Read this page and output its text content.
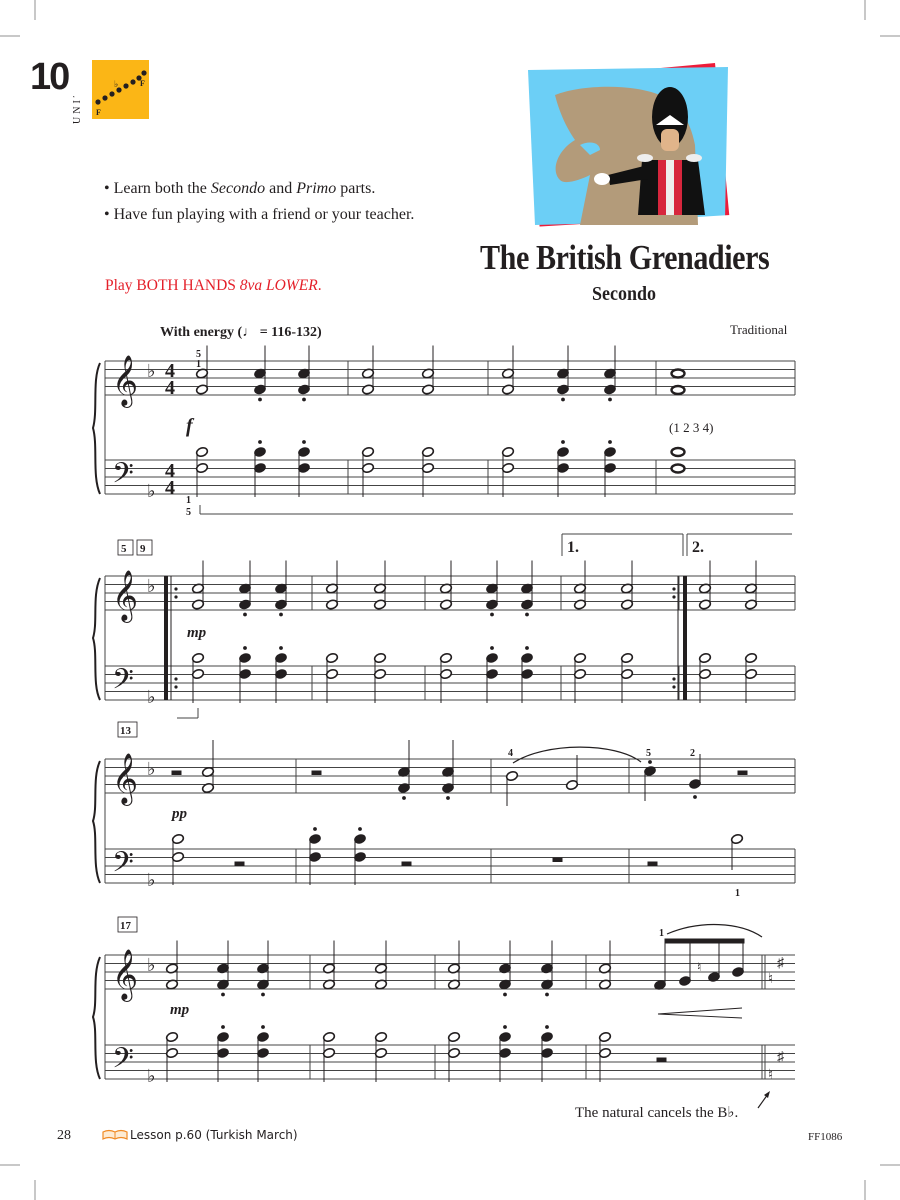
10
UNIT
♭
F
F
• Learn both the Secondo and Primo parts.
• Have fun playing with a friend or your teacher.
Play BOTH HANDS 8va LOWER.
The British Grenadiers
Secondo
Traditional
With energy (♩ = 116-132)
𝄞
𝄞
𝄞
𝄞
𝄢
𝄢
𝄢
𝄢
♭
♭
♭
♭
♭
♭
♭
♭
4
4
4
4
5
1
1
5
f	(1 2 3 4)
5 9
mp
1.	2.
13
pp
4	5	2
1
17
mp
1
♮
♯
♮
♯
♮
The natural cancels the B♭.
28	Lesson p.60 (Turkish March)	FF1086
